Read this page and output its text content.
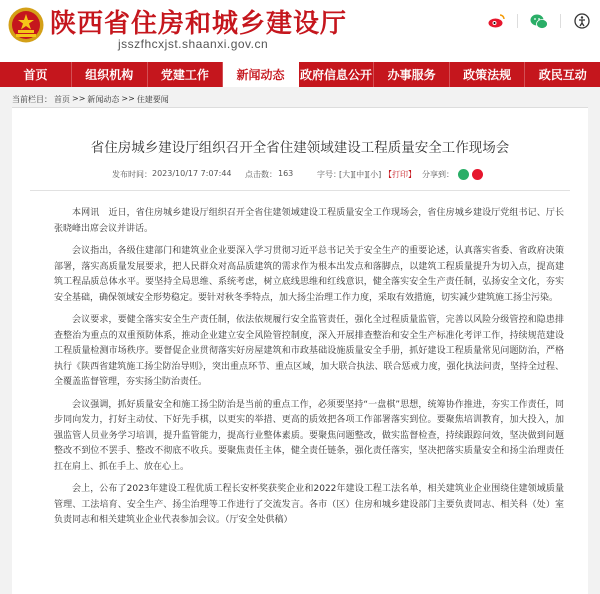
陕西省住房和城乡建设厅
jsszfhcxjst.shaanxi.gov.cn
首页	组织机构	党建工作	新闻动态	政府信息公开	办事服务	政策法规	政民互动
当前栏目： 首页 >> 新闻动态 >> 住建要闻
省住房城乡建设厅组织召开全省住建领域建设工程质量安全工作现场会
发布时间： 2023/10/17 7:07:44 点击数： 163	字号：
[大] [中] [小] 【打印】 分享到：

本网讯　近日，省住房城乡建设厅组织召开全省住建领域建设工程质量安全工作现场会，省住房城乡建设厅党组书记、厅长张晓峰出席会议并讲话。

会议指出，各级住建部门和建筑业企业要深入学习贯彻习近平总书记关于安全生产的重要论述，认真落实省委、省政府决策部署，落实高质量发展要求，把人民群众对高品质建筑的需求作为根本出发点和落脚点，以建筑工程质量提升为切入点，提高建筑工程品质总体水平。要坚持全局思维、系统考虑，树立底线思维和红线意识，健全落实安全生产责任制，弘扬安全文化，夯实安全基础，确保领域安全形势稳定。要针对秋冬季特点，加大扬尘治理工作力度，采取有效措施，切实减少建筑施工扬尘污染。

会议要求，要健全落实安全生产责任制，依法依规履行安全监管责任，强化全过程质量监管，完善以风险分级管控和隐患排查整治为重点的双重预防体系，推动企业建立安全风险管控制度，深入开展排查整治和安全生产标准化考评工作，持续规范建设工程质量检测市场秩序。要督促企业贯彻落实好房屋建筑和市政基础设施质量安全手册，抓好建设工程质量常见问题防治，严格执行《陕西省建筑施工扬尘防治导则》，突出重点环节、重点区域，加大联合执法、联合惩戒力度，强化执法问责，坚持全过程、全覆盖监督管理，夯实扬尘防治责任。

会议强调，抓好质量安全和施工扬尘防治是当前的重点工作，必须要坚持“一盘棋”思想，统筹协作推进，夯实工作责任，同步同向发力，打好主动仗、下好先手棋，以更实的举措、更高的质效把各项工作部署落实到位。要聚焦培训教育，加大投入，加强监管人员业务学习培训，提升监管能力，提高行业整体素质。要聚焦问题整改，做实监督检查，持续跟踪问效，坚决做到问题整改不到位不罢手、整改不彻底不收兵。要聚焦责任主体，健全责任链条，强化责任落实，坚决把落实质量安全和扬尘治理责任扛在肩上、抓在手上、放在心上。

会上，公布了2023年建设工程优质工程长安杯奖获奖企业和2022年建设工程工法名单，相关建筑业企业围绕住建领域质量管理、工法培育、安全生产、扬尘治理等工作进行了交流发言。各市（区）住房和城乡建设部门主要负责同志、相关科（处）室负责同志和相关建筑业企业代表参加会议。（厅安全处供稿）
